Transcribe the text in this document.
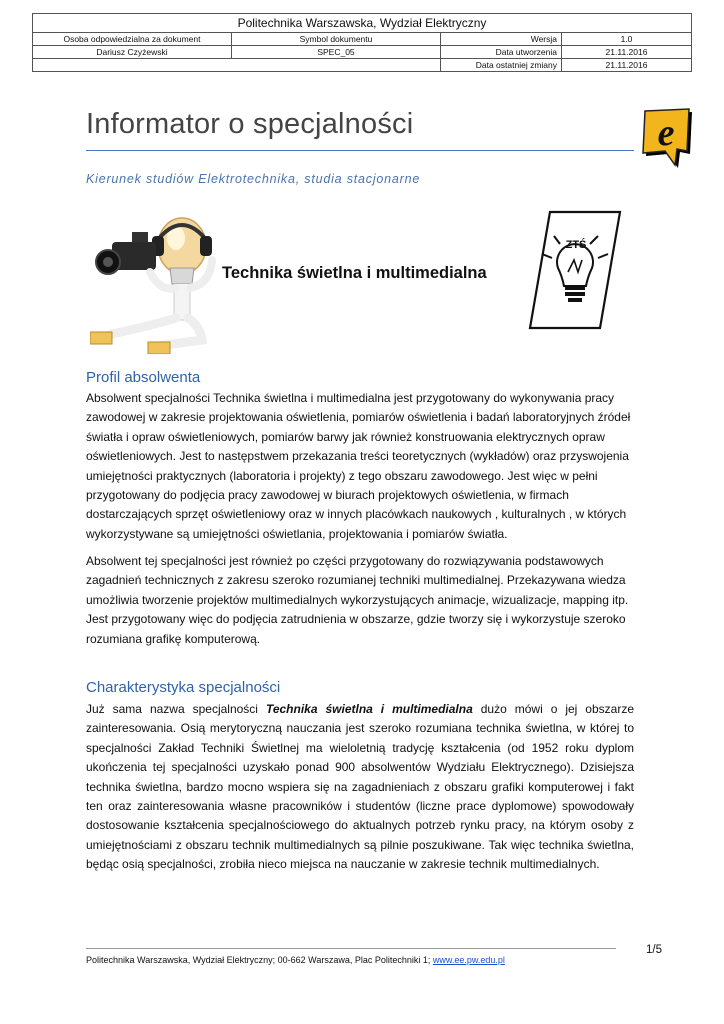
Politechnika Warszawska, Wydział Elektryczny			
Osoba odpowiedzialna za dokument	Symbol dokumentu	Wersja	1.0
Dariusz Czyżewski	SPEC_05	Data utworzenia	21.11.2016
		Data ostatniej zmiany	21.11.2016
Informator o specjalności	e
Kierunek studiów Elektrotechnika, studia stacjonarne
Technika świetlna i multimedialna
ZTŚ
Profil absolwenta

Absolwent specjalności Technika świetlna i multimedialna jest przygotowany do wykonywania pracy zawodowej w zakresie projektowania oświetlenia, pomiarów oświetlenia i badań laboratoryjnych źródeł światła i opraw oświetleniowych, pomiarów barwy jak również konstruowania elektrycznych opraw oświetleniowych. Jest to następstwem przekazania treści teoretycznych (wykładów) oraz przyswojenia umiejętności praktycznych (laboratoria i projekty) z tego obszaru zawodowego. Jest więc w pełni przygotowany do podjęcia pracy zawodowej w biurach projektowych oświetlenia, w firmach dostarczających sprzęt oświetleniowy oraz w innych placówkach naukowych , kulturalnych , w których wykorzystywane są umiejętności oświetlania, projektowania i pomiarów światła.

Absolwent tej specjalności jest również po części przygotowany do rozwiązywania podstawowych zagadnień technicznych z zakresu szeroko rozumianej techniki multimedialnej. Przekazywana wiedza umożliwia tworzenie projektów multimedialnych wykorzystujących animacje, wizualizacje, mapping itp. Jest przygotowany więc do podjęcia zatrudnienia w obszarze, gdzie tworzy się i wykorzystuje szeroko rozumiana grafikę komputerową.

Charakterystyka specjalności

Już sama nazwa specjalności Technika świetlna i multimedialna dużo mówi o jej obszarze zainteresowania. Osią merytoryczną nauczania jest szeroko rozumiana technika świetlna, w której to specjalności Zakład Techniki Świetlnej ma wieloletnią tradycję kształcenia (od 1952 roku dyplom ukończenia tej specjalności uzyskało ponad 900 absolwentów Wydziału Elektrycznego). Dzisiejsza technika świetlna, bardzo mocno wspiera się na zagadnieniach z obszaru grafiki komputerowej i fakt ten oraz zainteresowania własne pracowników i studentów (liczne prace dyplomowe) spowodowały dostosowanie kształcenia specjalnościowego do aktualnych potrzeb rynku pracy, na którym osoby z umiejętnościami z obszaru technik multimedialnych są pilnie poszukiwane. Tak więc technika świetlna, będąc osią specjalności, zrobiła nieco miejsca na nauczanie w zakresie technik multimedialnych.

Politechnika Warszawska, Wydział Elektryczny; 00-662 Warszawa, Plac Politechniki 1; www.ee.pw.edu.pl
1/5
